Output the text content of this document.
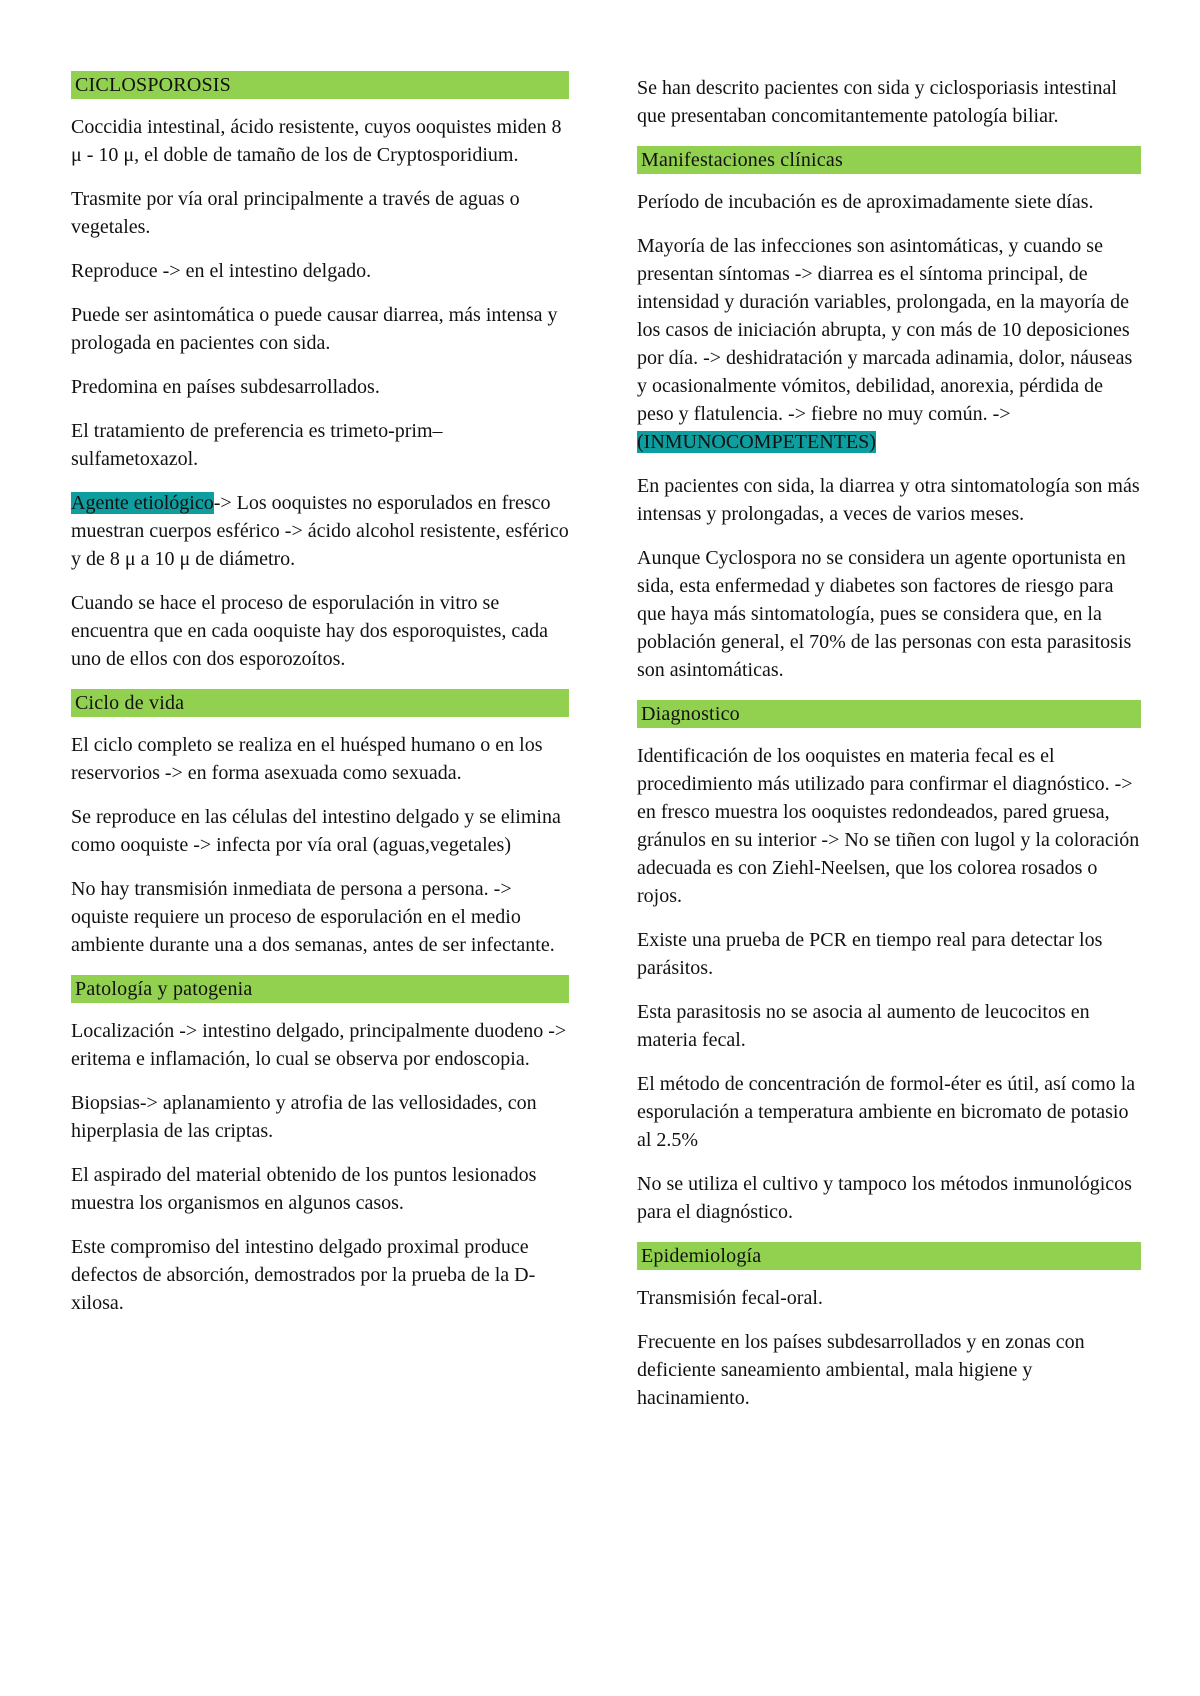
CICLOSPOROSIS

Coccidia intestinal, ácido resistente, cuyos ooquistes miden 8 μ - 10 μ, el doble de tamaño de los de Cryptosporidium.

Trasmite por vía oral principalmente a través de aguas o vegetales.

Reproduce -> en el intestino delgado.

Puede ser asintomática o puede causar diarrea, más intensa y prologada en pacientes con sida.

Predomina en países subdesarrollados.

El tratamiento de preferencia es trimeto-prim–sulfametoxazol.

Agente etiológico-> Los ooquistes no esporulados en fresco muestran cuerpos esférico -> ácido alcohol resistente, esférico y de 8 μ a 10 μ de diámetro.

Cuando se hace el proceso de esporulación in vitro se encuentra que en cada ooquiste hay dos esporoquistes, cada uno de ellos con dos esporozoítos.

Ciclo de vida

El ciclo completo se realiza en el huésped humano o en los reservorios -> en forma asexuada como sexuada.

Se reproduce en las células del intestino delgado y se elimina como ooquiste -> infecta por vía oral (aguas,vegetales)

No hay transmisión inmediata de persona a persona. -> oquiste requiere un proceso de esporulación en el medio ambiente durante una a dos semanas, antes de ser infectante.

Patología y patogenia

Localización -> intestino delgado, principalmente duodeno -> eritema e inflamación, lo cual se observa por endoscopia.

Biopsias-> aplanamiento y atrofia de las vellosidades, con hiperplasia de las criptas.

El aspirado del material obtenido de los puntos lesionados muestra los organismos en algunos casos.

Este compromiso del intestino delgado proximal produce defectos de absorción, demostrados por la prueba de la D-xilosa.

Se han descrito pacientes con sida y ciclosporiasis intestinal que presentaban concomitantemente patología biliar.

Manifestaciones clínicas

Período de incubación es de aproximadamente siete días.

Mayoría de las infecciones son asintomáticas, y cuando se presentan síntomas -> diarrea es el síntoma principal, de intensidad y duración variables, prolongada, en la mayoría de los casos de iniciación abrupta, y con más de 10 deposiciones por día. -> deshidratación y marcada adinamia, dolor, náuseas y ocasionalmente vómitos, debilidad, anorexia, pérdida de peso y flatulencia. -> fiebre no muy común. -> (INMUNOCOMPETENTES)

En pacientes con sida, la diarrea y otra sintomatología son más intensas y prolongadas, a veces de varios meses.

Aunque Cyclospora no se considera un agente oportunista en sida, esta enfermedad y diabetes son factores de riesgo para que haya más sintomatología, pues se considera que, en la población general, el 70% de las personas con esta parasitosis son asintomáticas.

Diagnostico

Identificación de los ooquistes en materia fecal es el procedimiento más utilizado para confirmar el diagnóstico. -> en fresco muestra los ooquistes redondeados, pared gruesa, gránulos en su interior -> No se tiñen con lugol y la coloración adecuada es con Ziehl-Neelsen, que los colorea rosados o rojos.

Existe una prueba de PCR en tiempo real para detectar los parásitos.

Esta parasitosis no se asocia al aumento de leucocitos en materia fecal.

El método de concentración de formol-éter es útil, así como la esporulación a temperatura ambiente en bicromato de potasio al 2.5%

No se utiliza el cultivo y tampoco los métodos inmunológicos para el diagnóstico.

Epidemiología

Transmisión fecal-oral.

Frecuente en los países subdesarrollados y en zonas con deficiente saneamiento ambiental, mala higiene y hacinamiento.
